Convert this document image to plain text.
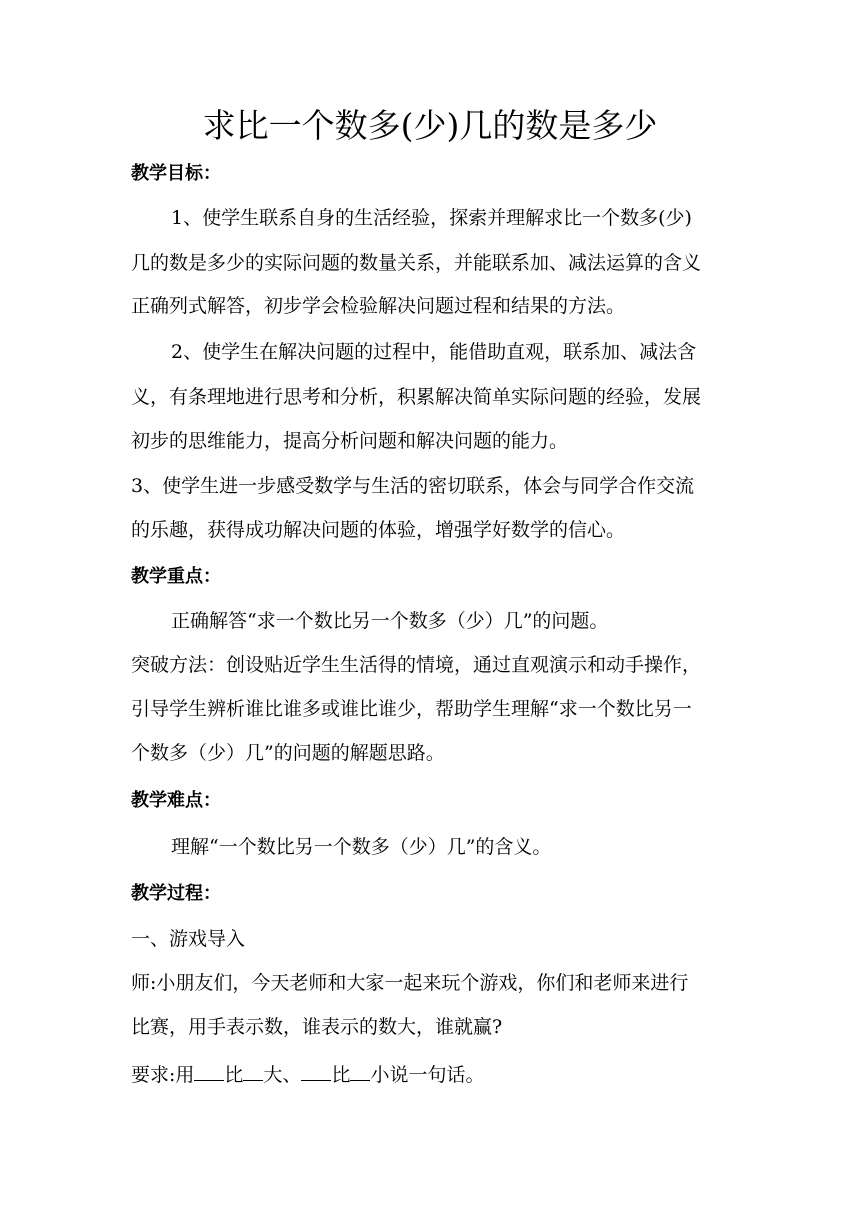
求比一个数多(少)几的数是多少
教学目标：
1、使学生联系自身的生活经验，探索并理解求比一个数多(少)
几的数是多少的实际问题的数量关系，并能联系加、减法运算的含义
正确列式解答，初步学会检验解决问题过程和结果的方法。
2、使学生在解决问题的过程中，能借助直观，联系加、减法含
义，有条理地进行思考和分析，积累解决简单实际问题的经验，发展
初步的思维能力，提高分析问题和解决问题的能力。
3、使学生进一步感受数学与生活的密切联系，体会与同学合作交流
的乐趣，获得成功解决问题的体验，增强学好数学的信心。
教学重点：
正确解答“求一个数比另一个数多（少）几”的问题。
突破方法：创设贴近学生生活得的情境，通过直观演示和动手操作，
引导学生辨析谁比谁多或谁比谁少，帮助学生理解“求一个数比另一
个数多（少）几”的问题的解题思路。
教学难点：
理解“一个数比另一个数多（少）几”的含义。
教学过程：
一、游戏导入
师:小朋友们，今天老师和大家一起来玩个游戏，你们和老师来进行
比赛，用手表示数，谁表示的数大，谁就赢?
要求:用 比 大、 比 小说一句话。
